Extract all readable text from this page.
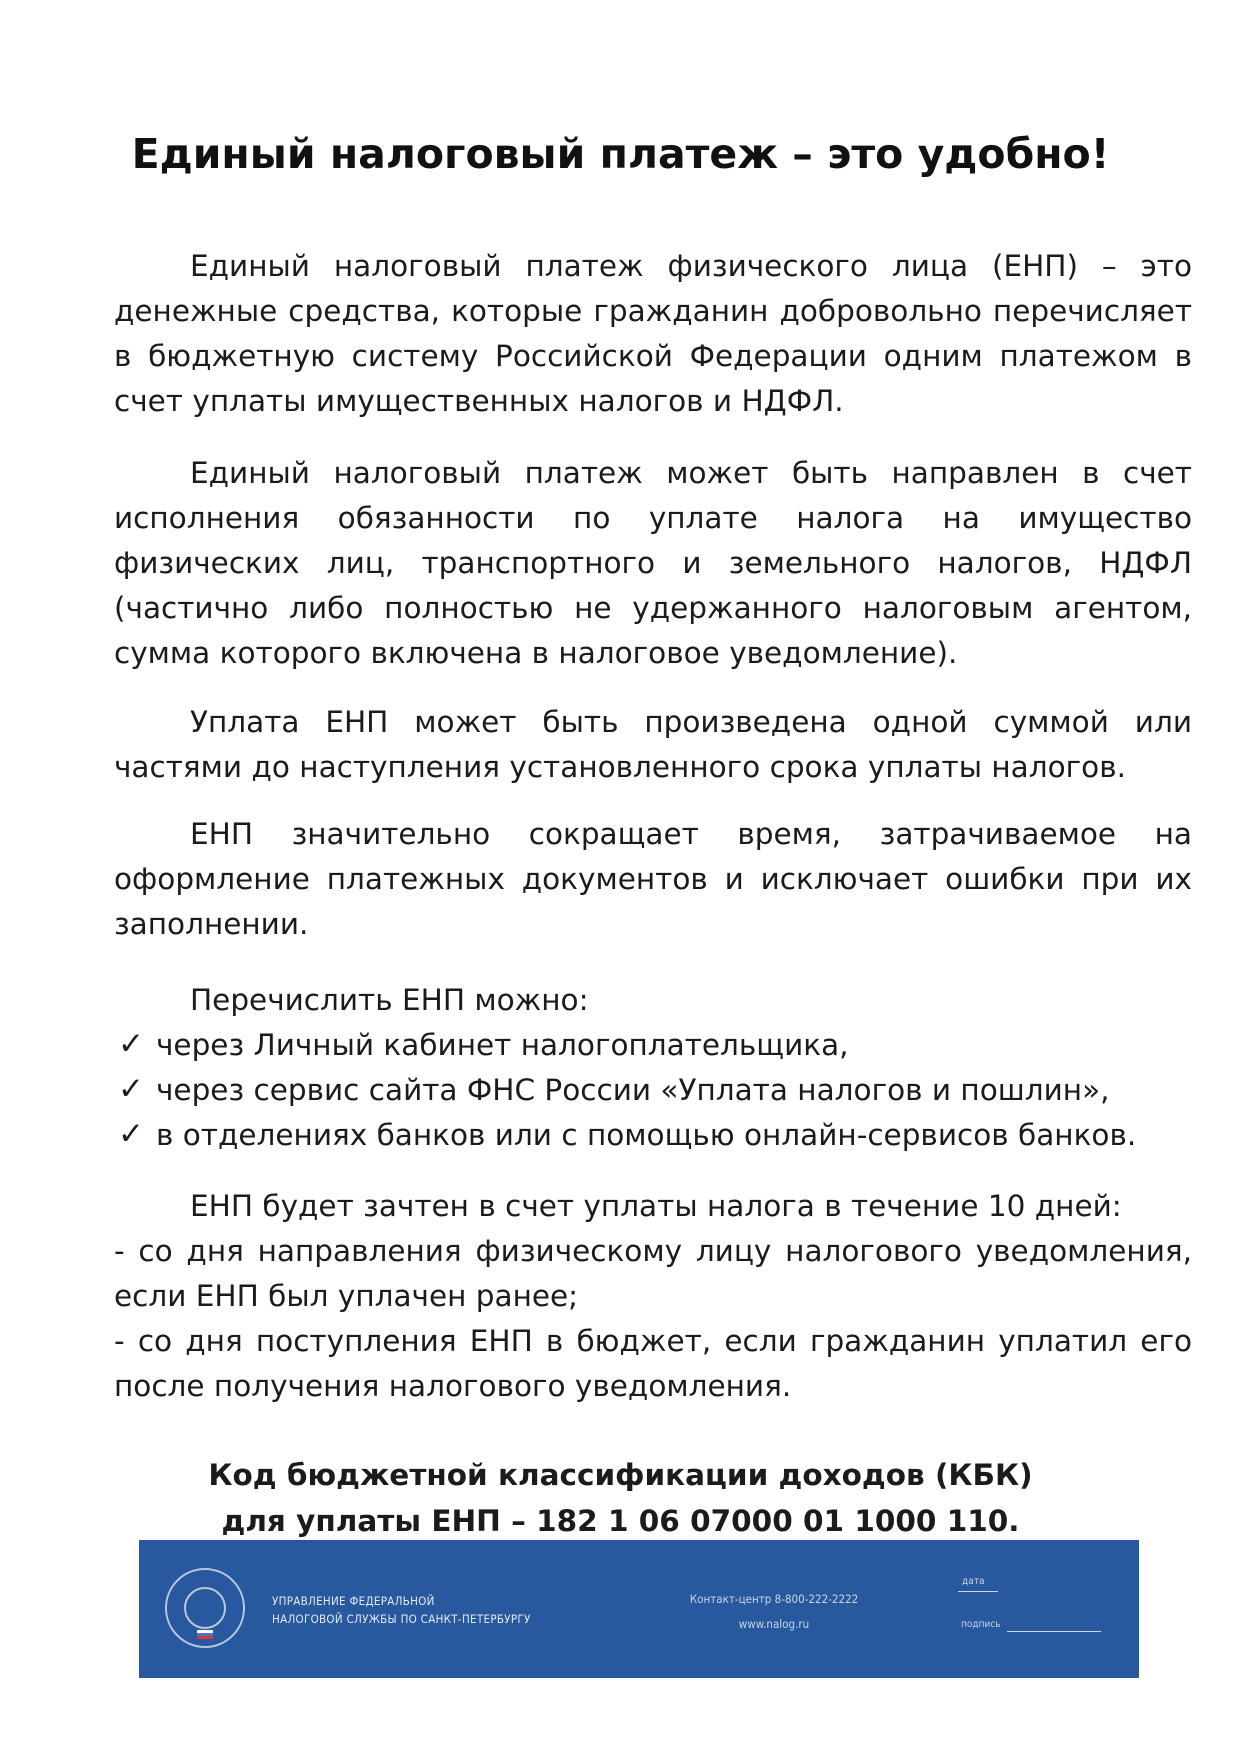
Единый налоговый платеж – это удобно!

Единый налоговый платеж физического лица (ЕНП) – это денежные средства, которые гражданин добровольно перечисляет в бюджетную систему Российской Федерации одним платежом в счет уплаты имущественных налогов и НДФЛ.

Единый налоговый платеж может быть направлен в счет исполнения обязанности по уплате налога на имущество физических лиц, транспортного и земельного налогов, НДФЛ (частично либо полностью не удержанного налоговым агентом, сумма которого включена в налоговое уведомление).

Уплата ЕНП может быть произведена одной суммой или частями до наступления установленного срока уплаты налогов.

ЕНП значительно сокращает время, затрачиваемое на оформление платежных документов и исключает ошибки при их заполнении.

Перечислить ЕНП можно:

✓ через Личный кабинет налогоплательщика,

✓ через сервис сайта ФНС России «Уплата налогов и пошлин»,

✓ в отделениях банков или с помощью онлайн-сервисов банков.

ЕНП будет зачтен в счет уплаты налога в течение 10 дней:

- со дня направления физическому лицу налогового уведомления, если ЕНП был уплачен ранее;

- со дня поступления ЕНП в бюджет, если гражданин уплатил его после получения налогового уведомления.

Код бюджетной классификации доходов (КБК)
для уплаты ЕНП – 182 1 06 07000 01 1000 110.
УПРАВЛЕНИЕ ФЕДЕРАЛЬНОЙ
НАЛОГОВОЙ СЛУЖБЫ ПО САНКТ-ПЕТЕРБУРГУ
Контакт-центр 8-800-222-2222
www.nalog.ru
дата
подпись
